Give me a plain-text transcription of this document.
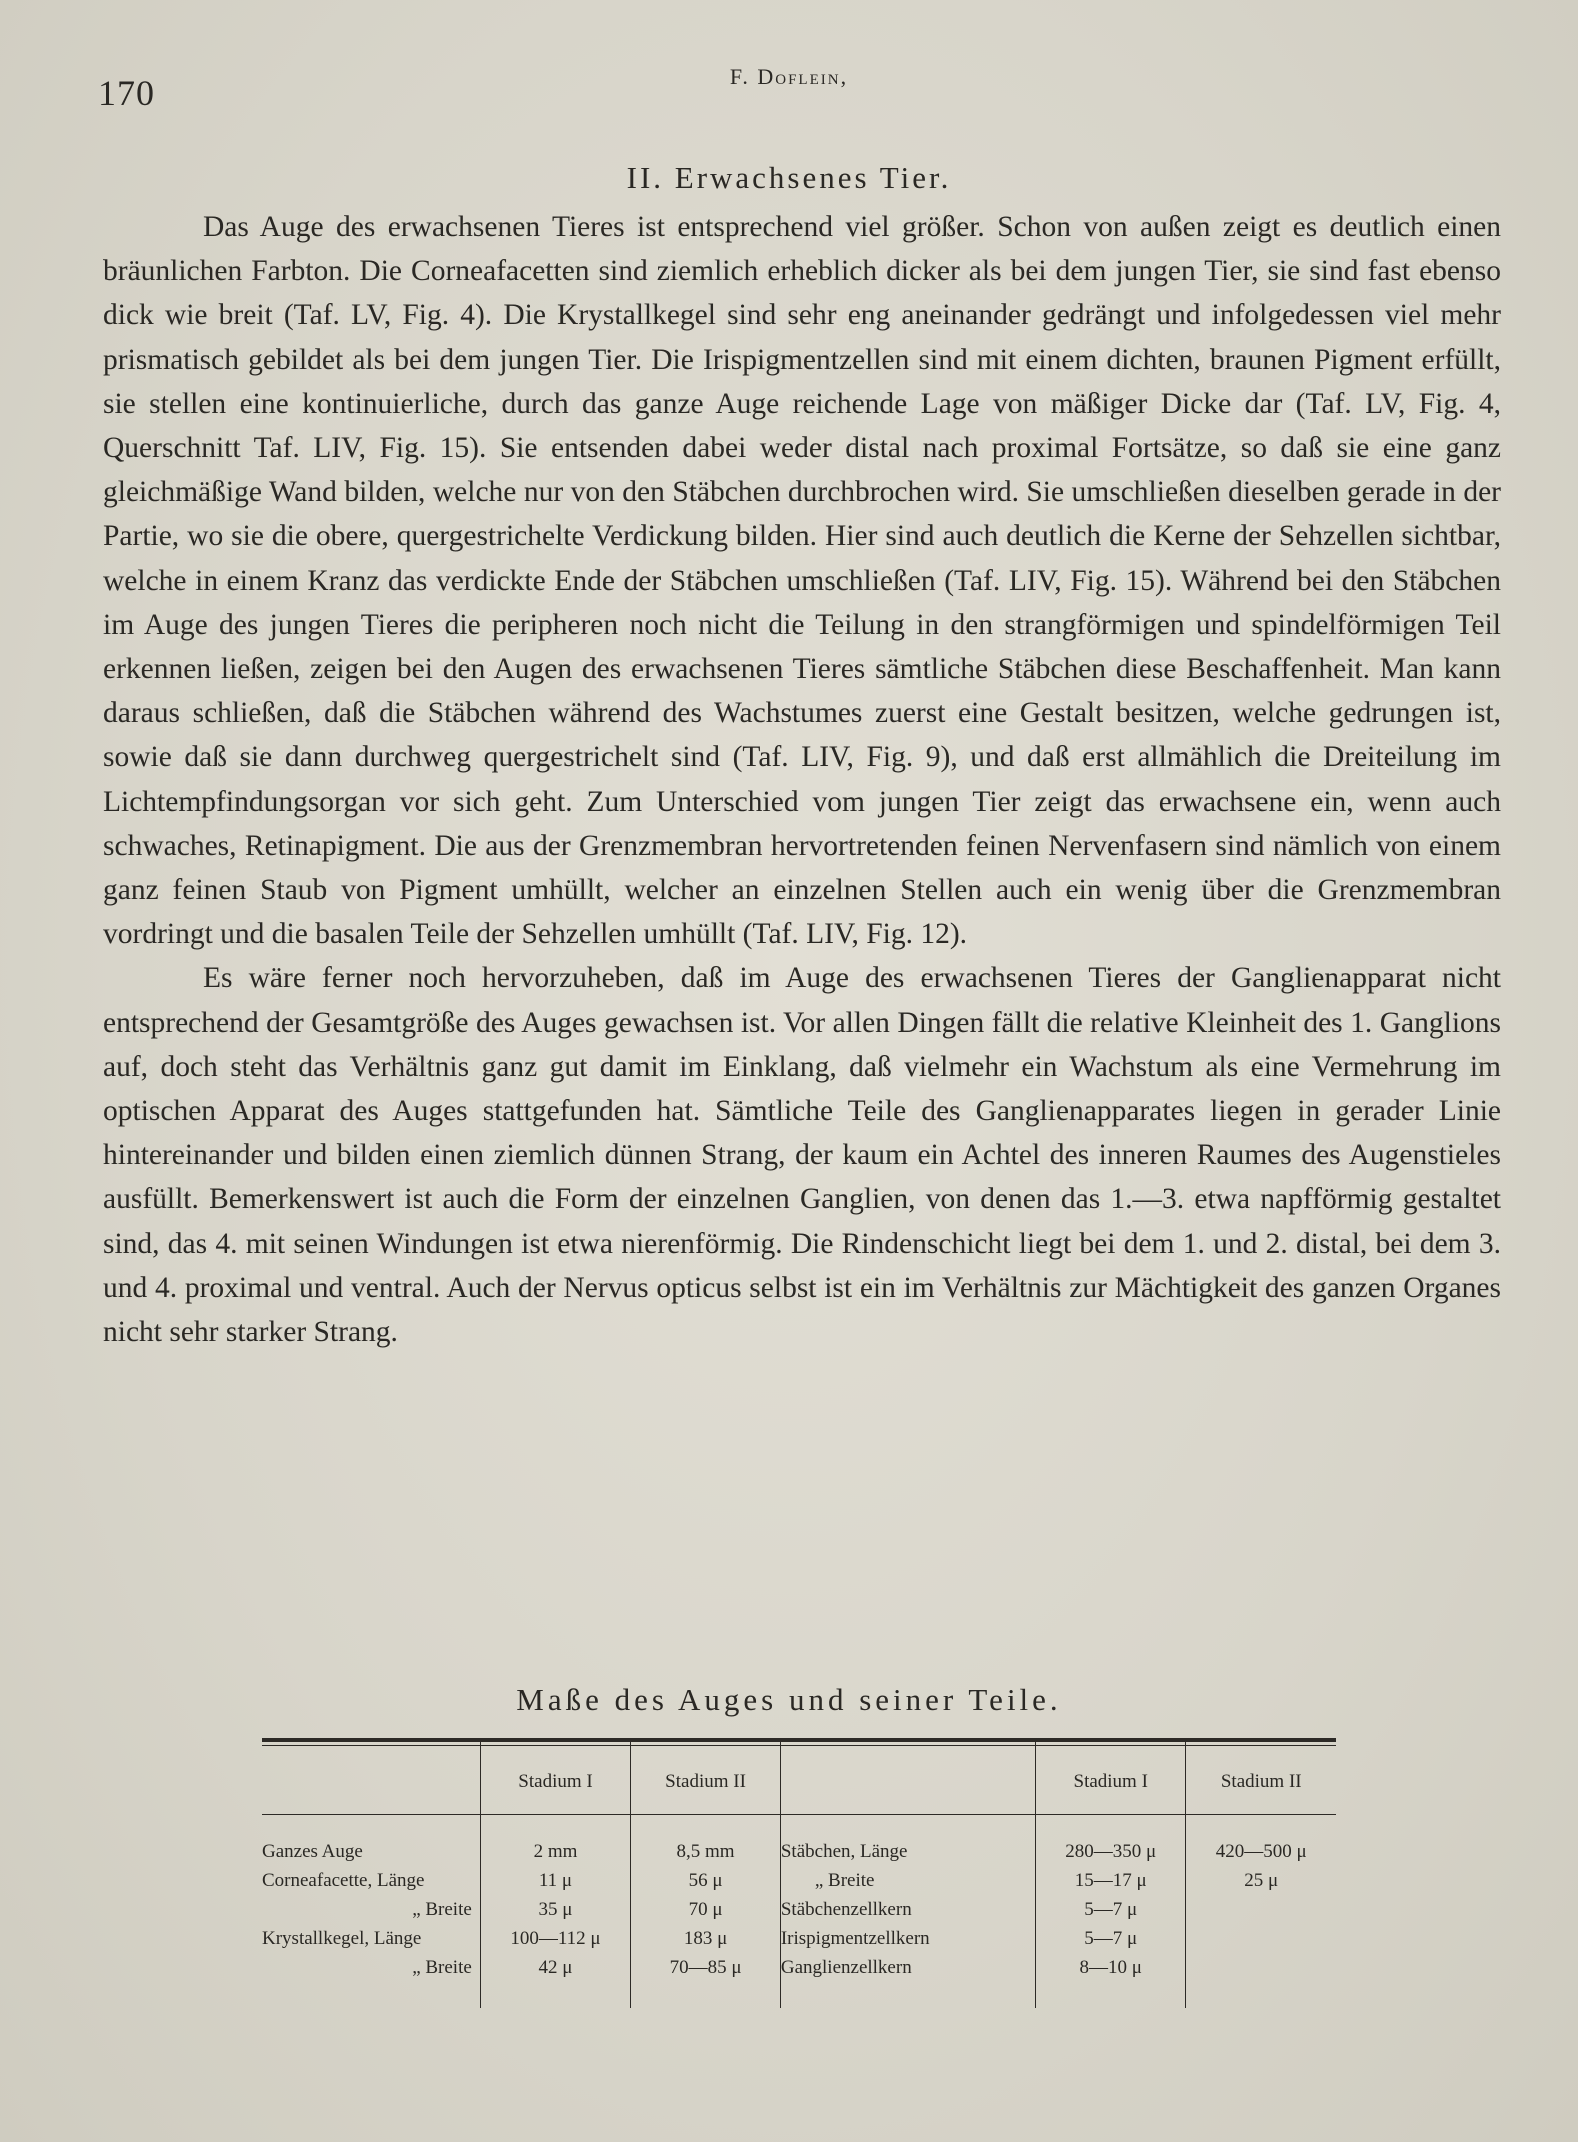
170	F. Doflein,
II. Erwachsenes Tier.

Das Auge des erwachsenen Tieres ist entsprechend viel größer. Schon von außen zeigt es deutlich einen bräunlichen Farbton. Die Corneafacetten sind ziemlich erheblich dicker als bei dem jungen Tier, sie sind fast ebenso dick wie breit (Taf. LV, Fig. 4). Die Krystallkegel sind sehr eng aneinander gedrängt und infolgedessen viel mehr prismatisch gebildet als bei dem jungen Tier. Die Irispigmentzellen sind mit einem dichten, braunen Pigment erfüllt, sie stellen eine kontinuierliche, durch das ganze Auge reichende Lage von mäßiger Dicke dar (Taf. LV, Fig. 4, Querschnitt Taf. LIV, Fig. 15). Sie entsenden dabei weder distal nach proximal Fortsätze, so daß sie eine ganz gleichmäßige Wand bilden, welche nur von den Stäbchen durchbrochen wird. Sie umschließen dieselben gerade in der Partie, wo sie die obere, quergestrichelte Verdickung bilden. Hier sind auch deutlich die Kerne der Sehzellen sichtbar, welche in einem Kranz das verdickte Ende der Stäbchen umschließen (Taf. LIV, Fig. 15). Während bei den Stäbchen im Auge des jungen Tieres die peripheren noch nicht die Teilung in den strangförmigen und spindelförmigen Teil erkennen ließen, zeigen bei den Augen des erwachsenen Tieres sämtliche Stäbchen diese Beschaffenheit. Man kann daraus schließen, daß die Stäbchen während des Wachstumes zuerst eine Gestalt besitzen, welche gedrungen ist, sowie daß sie dann durchweg quergestrichelt sind (Taf. LIV, Fig. 9), und daß erst allmählich die Dreiteilung im Lichtempfindungsorgan vor sich geht. Zum Unterschied vom jungen Tier zeigt das erwachsene ein, wenn auch schwaches, Retinapigment. Die aus der Grenzmembran hervortretenden feinen Nervenfasern sind nämlich von einem ganz feinen Staub von Pigment umhüllt, welcher an einzelnen Stellen auch ein wenig über die Grenzmembran vordringt und die basalen Teile der Sehzellen umhüllt (Taf. LIV, Fig. 12).

Es wäre ferner noch hervorzuheben, daß im Auge des erwachsenen Tieres der Ganglienapparat nicht entsprechend der Gesamtgröße des Auges gewachsen ist. Vor allen Dingen fällt die relative Kleinheit des 1. Ganglions auf, doch steht das Verhältnis ganz gut damit im Einklang, daß vielmehr ein Wachstum als eine Vermehrung im optischen Apparat des Auges stattgefunden hat. Sämtliche Teile des Ganglienapparates liegen in gerader Linie hintereinander und bilden einen ziemlich dünnen Strang, der kaum ein Achtel des inneren Raumes des Augenstieles ausfüllt. Bemerkenswert ist auch die Form der einzelnen Ganglien, von denen das 1.—3. etwa napfförmig gestaltet sind, das 4. mit seinen Windungen ist etwa nierenförmig. Die Rindenschicht liegt bei dem 1. und 2. distal, bei dem 3. und 4. proximal und ventral. Auch der Nervus opticus selbst ist ein im Verhältnis zur Mächtigkeit des ganzen Organes nicht sehr starker Strang.

Maße des Auges und seiner Teile.
	Stadium I	Stadium II		Stadium I	Stadium II
Ganzes Auge	2 mm	8,5 mm	Stäbchen, Länge	280—350 μ	420—500 μ
Corneafacette, Länge	11 μ	56 μ	„ Breite	15—17 μ	25 μ
„ Breite	35 μ	70 μ	Stäbchenzellkern	5—7 μ	
Krystallkegel, Länge	100—112 μ	183 μ	Irispigmentzellkern	5—7 μ	
„ Breite	42 μ	70—85 μ	Ganglienzellkern	8—10 μ	
